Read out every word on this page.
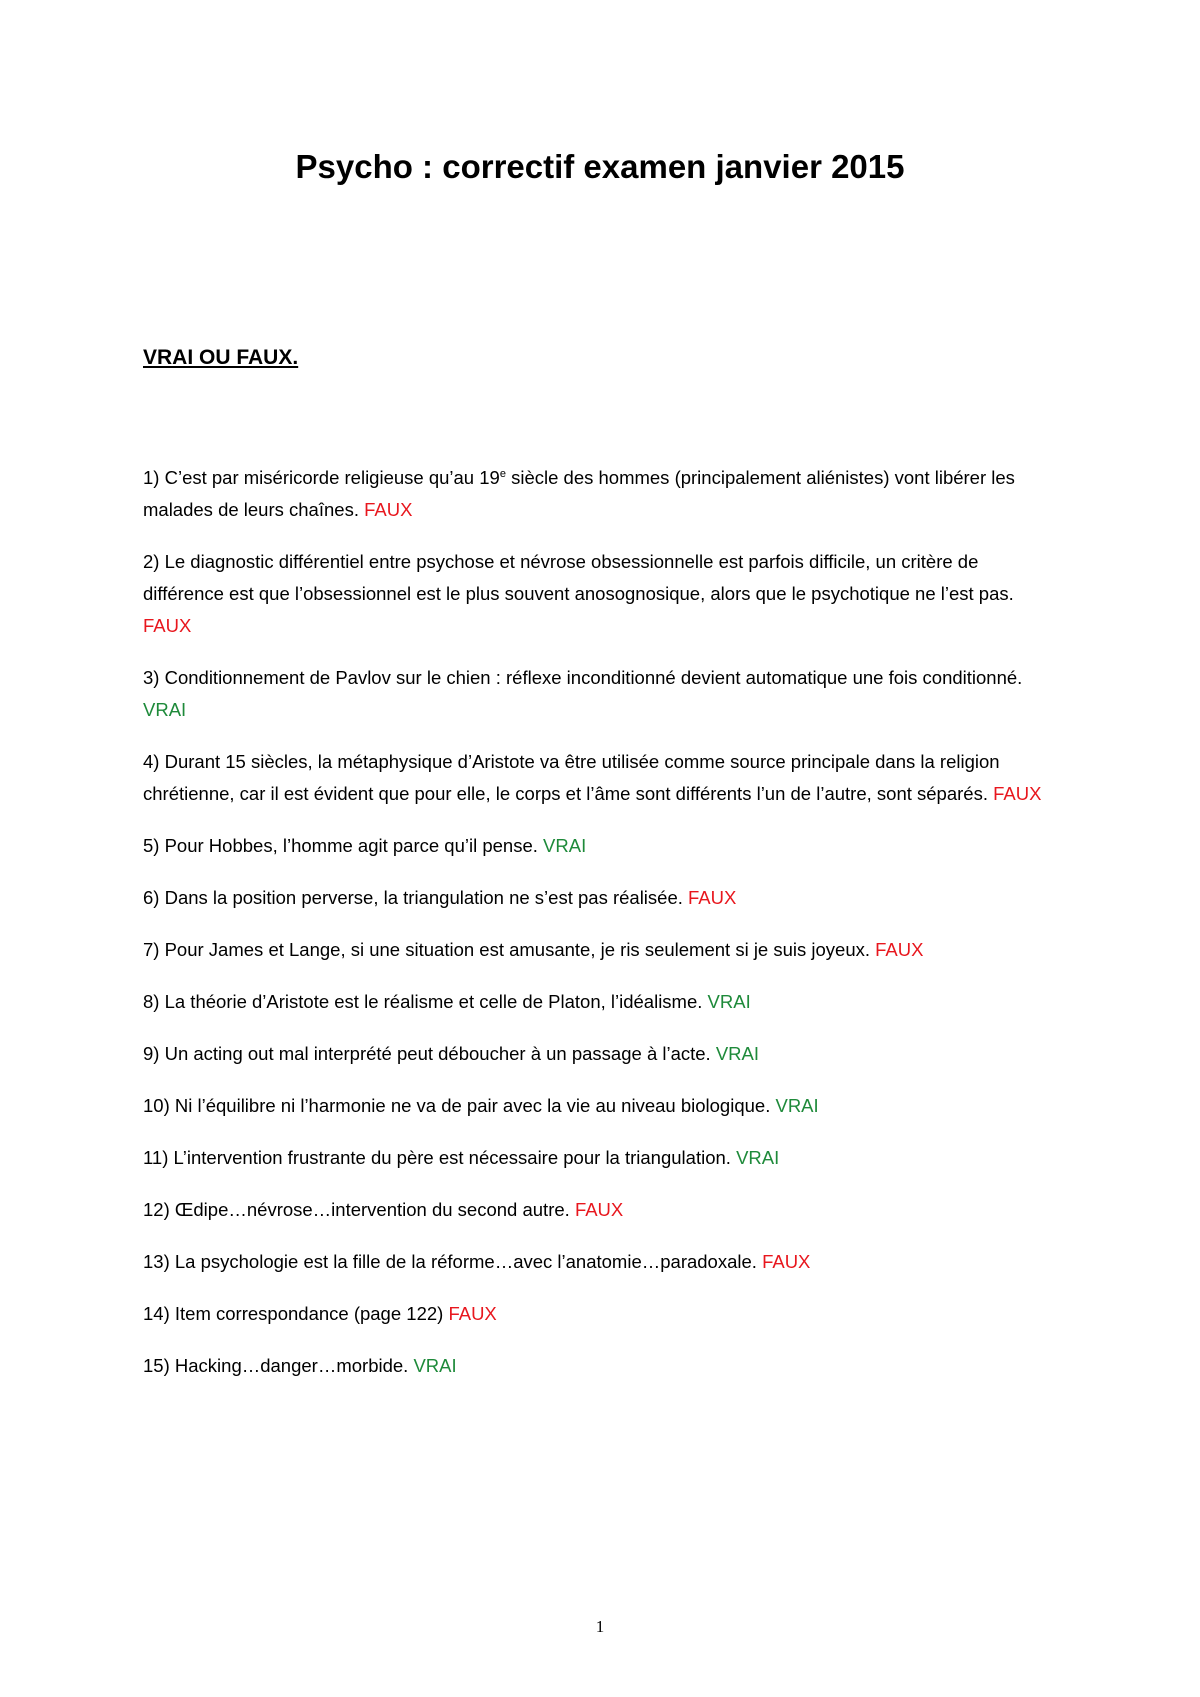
Psycho : correctif examen janvier 2015
VRAI OU FAUX.

1) C’est par miséricorde religieuse qu’au 19e siècle des hommes (principalement aliénistes) vont libérer les malades de leurs chaînes. FAUX

2) Le diagnostic différentiel entre psychose et névrose obsessionnelle est parfois difficile, un critère de différence est que l’obsessionnel est le plus souvent anosognosique, alors que le psychotique ne l’est pas. FAUX

3) Conditionnement de Pavlov sur le chien : réflexe inconditionné devient automatique une fois conditionné. VRAI

4) Durant 15 siècles, la métaphysique d’Aristote va être utilisée comme source principale dans la religion chrétienne, car il est évident que pour elle, le corps et l’âme sont différents l’un de l’autre, sont séparés. FAUX

5) Pour Hobbes, l’homme agit parce qu’il pense. VRAI

6) Dans la position perverse, la triangulation ne s’est pas réalisée. FAUX

7) Pour James et Lange, si une situation est amusante, je ris seulement si je suis joyeux. FAUX

8) La théorie d’Aristote est le réalisme et celle de Platon, l’idéalisme. VRAI

9) Un acting out mal interprété peut déboucher à un passage à l’acte. VRAI

10) Ni l’équilibre ni l’harmonie ne va de pair avec la vie au niveau biologique. VRAI

11) L’intervention frustrante du père est nécessaire pour la triangulation. VRAI

12) Œdipe…névrose…intervention du second autre. FAUX

13) La psychologie est la fille de la réforme…avec l’anatomie…paradoxale. FAUX

14) Item correspondance (page 122) FAUX

15) Hacking…danger…morbide. VRAI

1
